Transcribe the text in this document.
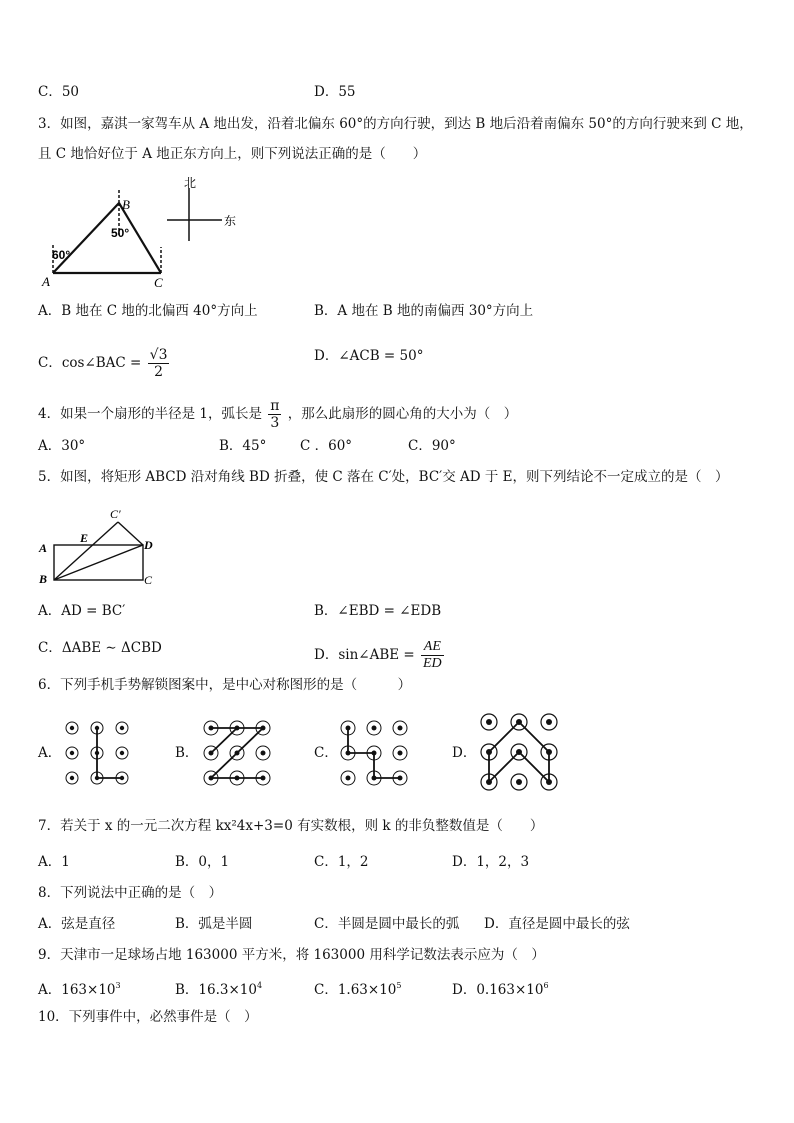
C．50	D．55
3．如图，嘉淇一家驾车从 A 地出发，沿着北偏东 60°的方向行驶，到达 B 地后沿着南偏东 50°的方向行驶来到 C 地，
且 C 地恰好位于 A 地正东方向上，则下列说法正确的是（　　）
B
A	C
60°
50°
北
东
A．B 地在 C 地的北偏西 40°方向上	B．A 地在 B 地的南偏西 30°方向上
C．cos∠BAC = $\frac{√3}{2}$	D．∠ACB = 50°
4．如果一个扇形的半径是 1，弧长是 $\frac{\pi}{3}$ ，那么此扇形的圆心角的大小为（　）
A．30°	B．45° C ．60°	C．90°
5．如图，将矩形 ABCD 沿对角线 BD 折叠，使 C 落在 C′处，BC′交 AD 于 E，则下列结论不一定成立的是（　）
C′
E
A	D
B	C
A．AD = BC′	B．∠EBD = ∠EDB
C．ΔABE ∼ ΔCBD	D．sin∠ABE = $\frac{AE}{ED}$
6．下列手机手势解锁图案中，是中心对称图形的是（　　　）
A．	B．	C．	D．
7．若关于 x 的一元二次方程 kx²4x+3=0 有实数根，则 k 的非负整数值是（　　）
A．1	B．0，1	C．1，2	D．1，2，3
8．下列说法中正确的是（　）
A．弦是直径	B．弧是半圆	C．半圆是圆中最长的弧 D．直径是圆中最长的弦
9．天津市一足球场占地 163000 平方米，将 163000 用科学记数法表示应为（　）
A．$163\times 10^3$	B．$16.3\times 10^4$	C．$1.63\times 10^5$	D．$0.163\times 10^6$
10．下列事件中，必然事件是（　）
